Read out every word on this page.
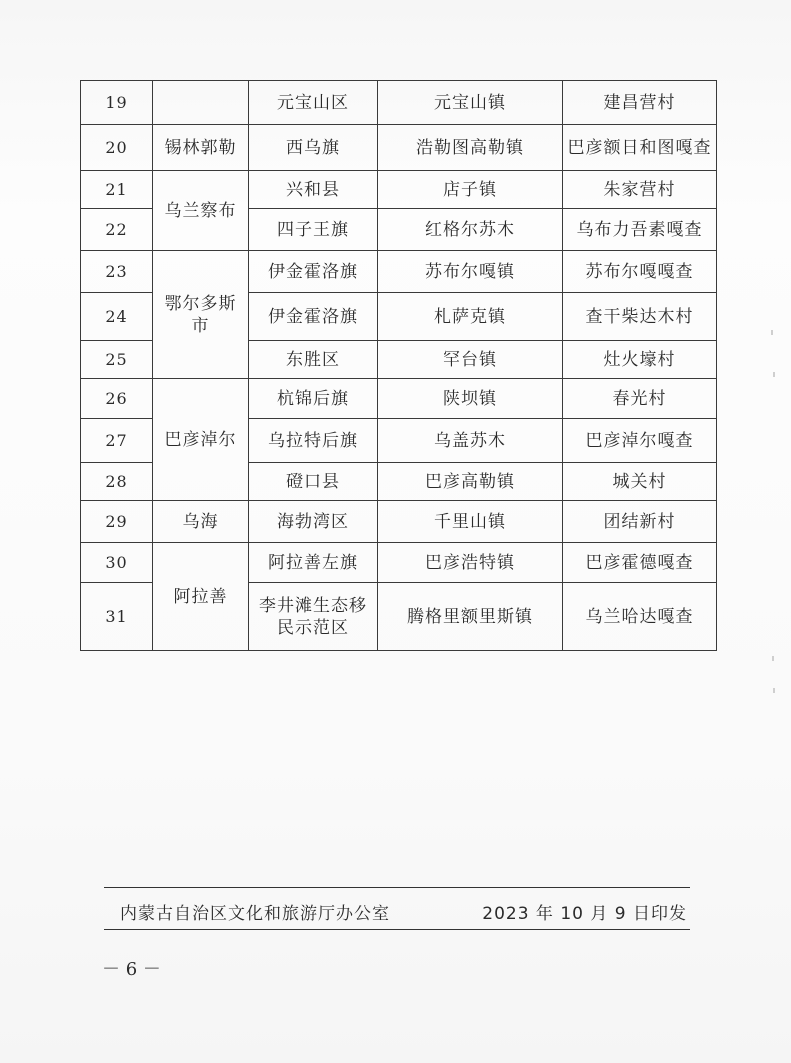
19		元宝山区	元宝山镇	建昌营村
20	锡林郭勒	西乌旗	浩勒图高勒镇	巴彦额日和图嘎查
21	乌兰察布	兴和县	店子镇	朱家营村
22		四子王旗	红格尔苏木	乌布力吾素嘎查
23	鄂尔多斯市	伊金霍洛旗	苏布尔嘎镇	苏布尔嘎嘎查
24		伊金霍洛旗	札萨克镇	查干柴达木村
25		东胜区	罕台镇	灶火壕村
26	巴彦淖尔	杭锦后旗	陕坝镇	春光村
27		乌拉特后旗	乌盖苏木	巴彦淖尔嘎查
28		磴口县	巴彦高勒镇	城关村
29	乌海	海勃湾区	千里山镇	团结新村
30	阿拉善	阿拉善左旗	巴彦浩特镇	巴彦霍德嘎查
31		李井滩生态移民示范区	腾格里额里斯镇	乌兰哈达嘎查
内蒙古自治区文化和旅游厅办公室	2023 年 10 月 9 日印发
－ 6 －
